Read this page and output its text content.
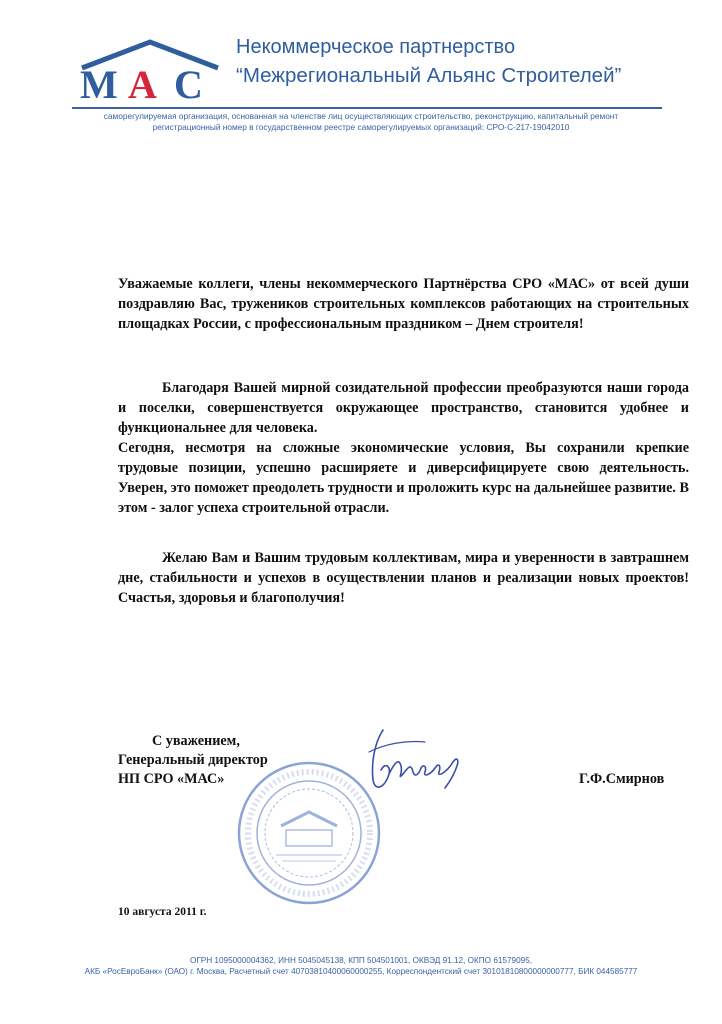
М А С
Некоммерческое партнерство
“Межрегиональный Альянс Строителей”
саморегулируемая организация, основанная на членстве лиц осуществляющих строительство, реконструкцию, капитальный ремонт
регистрационный номер в государственном реестре саморегулируемых организаций: СРО-С-217-19042010

Уважаемые коллеги, члены некоммерческого Партнёрства СРО «МАС» от всей души поздравляю Вас, тружеников строительных комплексов работающих на строительных площадках России, с профессиональным праздником – Днем строителя!

Благодаря Вашей мирной созидательной профессии преобразуются наши города и поселки, совершенствуется окружающее пространство, становится удобнее и функциональнее для человека.

Сегодня, несмотря на сложные экономические условия, Вы сохранили крепкие трудовые позиции, успешно расширяете и диверсифицируете свою деятельность. Уверен, это поможет преодолеть трудности и проложить курс на дальнейшее развитие. В этом - залог успеха строительной отрасли.

Желаю Вам и Вашим трудовым коллективам, мира и уверенности в завтрашнем дне, стабильности и успехов в осуществлении планов и реализации новых проектов! Счастья, здоровья и благополучия!

С уважением,
Генеральный директор
НП СРО «МАС»	Г.Ф.Смирнов
10 августа 2011 г.
ОГРН 1095000004362, ИНН 5045045138, КПП 504501001, ОКВЭД 91.12, ОКПО 61579095,
АКБ «РосЕвроБанк» (ОАО) г. Москва, Расчетный счет 40703810400060000255, Корреспондентский счет 30101810800000000777, БИК 044585777
